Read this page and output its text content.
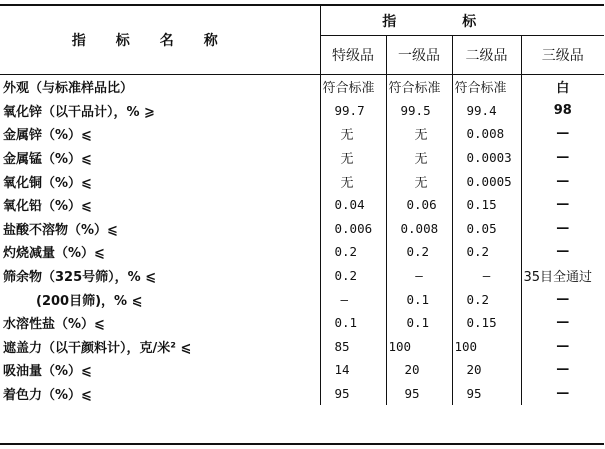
指标名称	指标			
	特级品	一级品	二级品	三级品
外观（与标准样品比）	符合标准	符合标准	符合标准	白
氧化锌（以干品计），% ⩾	99.7	99.5	99.4	98
金属锌（%）⩽	无	无	0.008	—
金属锰（%）⩽	无	无	0.0003	—
氧化铜（%）⩽	无	无	0.0005	—
氧化铅（%）⩽	0.04	0.06	0.15	—
盐酸不溶物（%）⩽	0.006	0.008	0.05	—
灼烧减量（%）⩽	0.2	0.2	0.2	—
筛余物（325号筛），% ⩽	0.2	—	—	35目全通过
(200目筛)，% ⩽	—	0.1	0.2	—
水溶性盐（%）⩽	0.1	0.1	0.15	—
遮盖力（以干颜料计），克/米² ⩽	85	100	100	—
吸油量（%）⩽	14	20	20	—
着色力（%）⩽	95	95	95	—
